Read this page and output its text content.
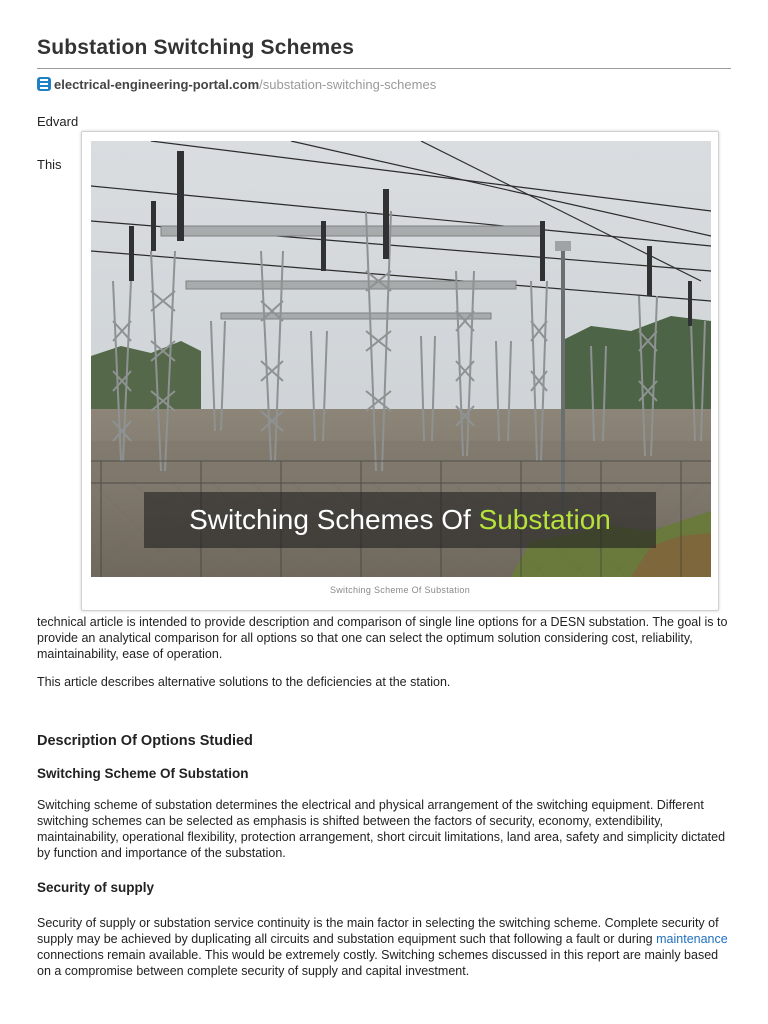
Substation Switching Schemes
electrical-engineering-portal.com /substation-switching-schemes
Edvard
This
Switching Schemes Of
Substation
Switching Scheme Of Substation

technical article is intended to provide description and comparison of single line options for a DESN substation. The goal is to provide an analytical comparison for all options so that one can select the optimum solution considering cost, reliability, maintainability, ease of operation.

This article describes alternative solutions to the deficiencies at the station.

Description Of Options Studied
Switching Scheme Of Substation

Switching scheme of substation determines the electrical and physical arrangement of the switching equipment. Different switching schemes can be selected as emphasis is shifted between the factors of security, economy, extendibility, maintainability, operational flexibility, protection arrangement, short circuit limitations, land area, safety and simplicity dictated by function and importance of the substation.

Security of supply

Security of supply or substation service continuity is the main factor in selecting the switching scheme. Complete security of supply may be achieved by duplicating all circuits and substation equipment such that following a fault or during maintenance connections remain available. This would be extremely costly. Switching schemes discussed in this report are mainly based on a compromise between complete security of supply and capital investment.
